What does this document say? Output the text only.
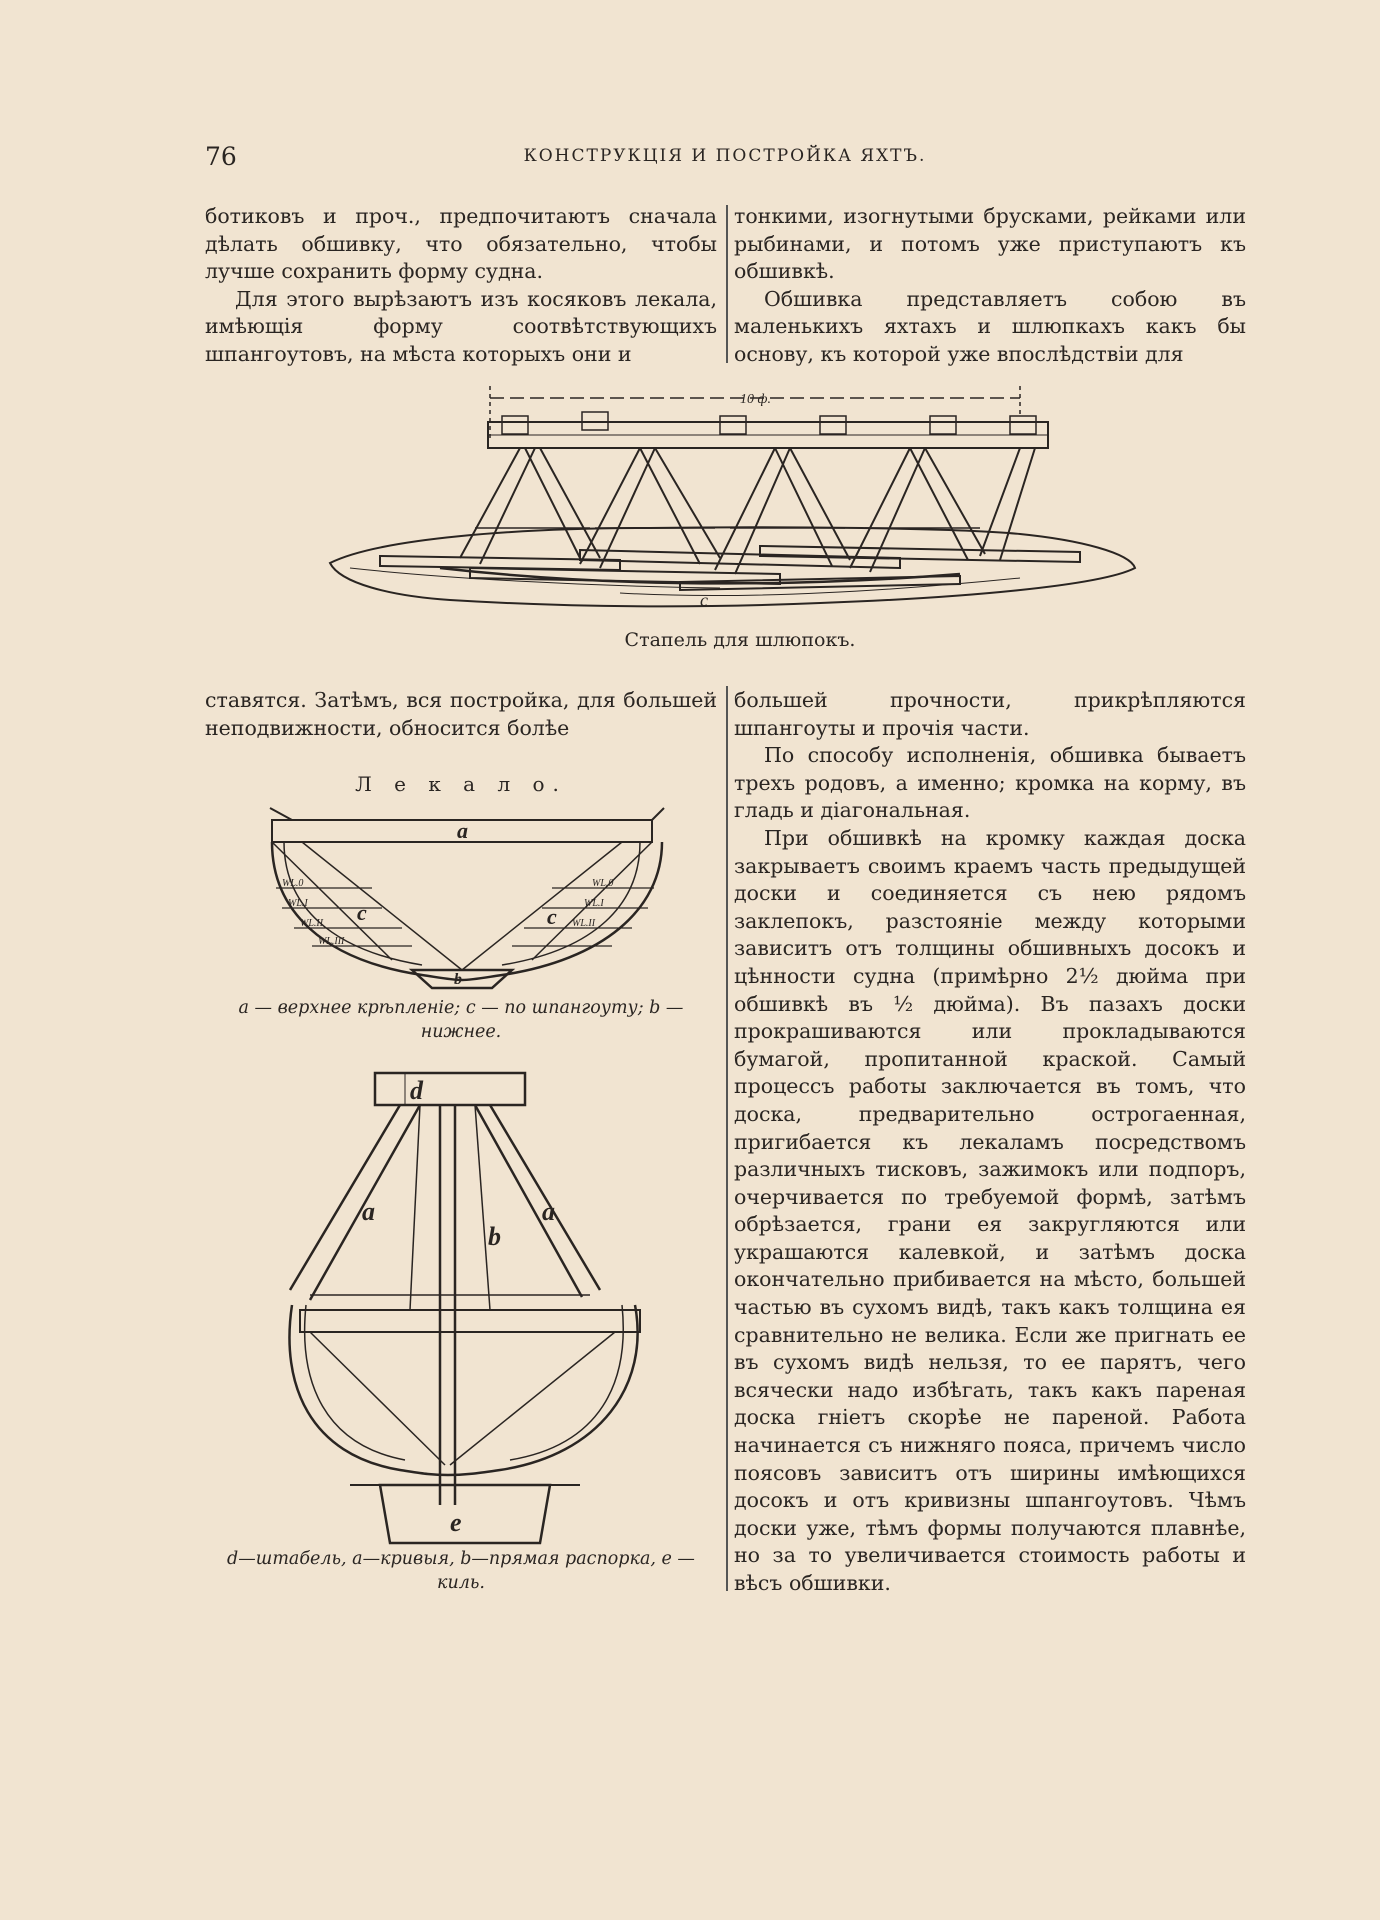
76	КОНСТРУКЦIЯ И ПОСТРОЙКА ЯХТЪ.

ботиковъ и проч., предпочитаютъ сначала дѣлать обшивку, что обязательно, чтобы лучше сохранить форму судна.

Для этого вырѣзаютъ изъ косяковъ лекала, имѣющiя форму соотвѣтствующихъ шпангоутовъ, на мѣста которыхъ они и

тонкими, изогнутыми брусками, рейками или рыбинами, и потомъ уже приступаютъ къ обшивкѣ.

Обшивка представляетъ собою въ маленькихъ яхтахъ и шлюпкахъ какъ бы основу, къ которой уже впослѣдствiи для

10 ф.
c
Стапель для шлюпокъ.

ставятся. Затѣмъ, вся постройка, для большей неподвижности, обносится болѣе

большей прочности, прикрѣпляются шпангоуты и прочiя части.

По способу исполненiя, обшивка бываетъ трехъ родовъ, а именно; кромка на корму, въ гладь и дiагональная.

При обшивкѣ на кромку каждая доска закрываетъ своимъ краемъ часть предыдущей доски и соединяется съ нею рядомъ заклепокъ, разстоянiе между которыми зависитъ отъ толщины обшивныхъ досокъ и цѣнности судна (примѣрно 2½ дюйма при обшивкѣ въ ½ дюйма). Въ пазахъ доски прокрашиваются или прокладываются бумагой, пропитанной краской. Самый процессъ работы заключается въ томъ, что доска, предварительно острогаенная, пригибается къ лекаламъ посредствомъ различныхъ тисковъ, зажимокъ или подпоръ, очерчивается по требуемой формѣ, затѣмъ обрѣзается, грани ея закругляются или украшаются калевкой, и затѣмъ доска окончательно прибивается на мѣсто, большей частью въ сухомъ видѣ, такъ какъ толщина ея сравнительно не велика. Если же пригнать ее въ сухомъ видѣ нельзя, то ее парятъ, чего всячески надо избѣгать, такъ какъ пареная доска гнiетъ скорѣе не пареной. Работа начинается съ нижняго пояса, причемъ число поясовъ зависитъ отъ ширины имѣющихся досокъ и отъ кривизны шпангоутовъ. Чѣмъ доски уже, тѣмъ формы получаются плавнѣе, но за то увеличивается стоимость работы и вѣсъ обшивки.

Л е к а л о.
WL.0
WL.I
WL.II
WL.III
WL.0
WL.I
WL.II
a
c	c
b
a — верхнее крѣпленiе; c — по шпангоуту; b — нижнее.
d
a	a
b
e
d—штабель, a—кривыя, b—прямая распорка, e — киль.
